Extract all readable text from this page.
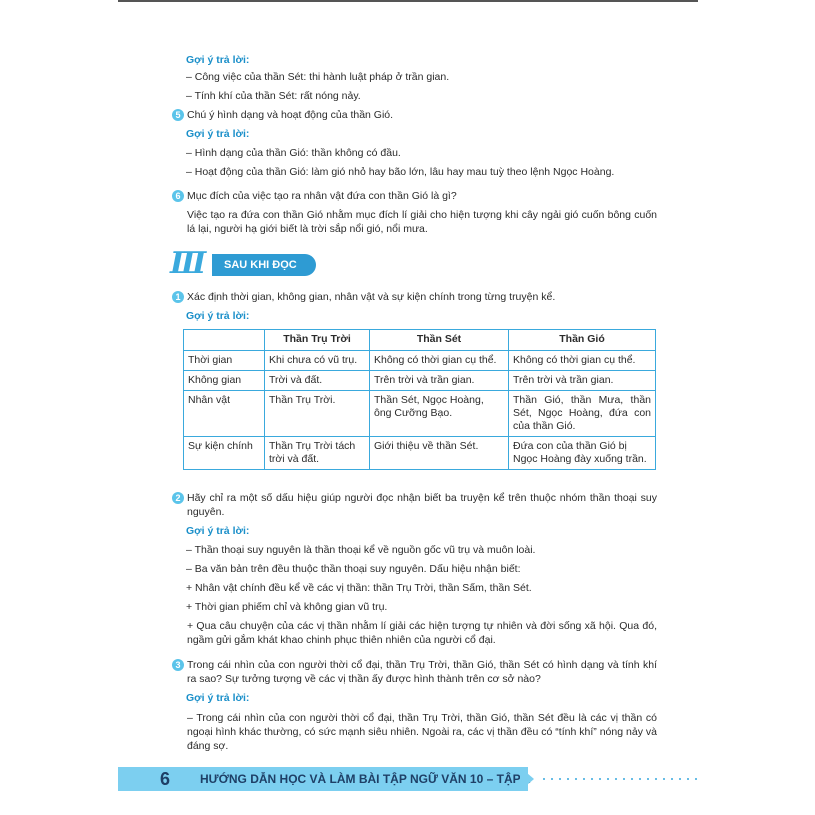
Gợi ý trả lời:
– Công việc của thần Sét: thi hành luật pháp ở trần gian.
– Tính khí của thần Sét: rất nóng nảy.
5 Chú ý hình dạng và hoạt động của thần Gió.
Gợi ý trả lời:
– Hình dạng của thần Gió: thần không có đầu.
– Hoạt động của thần Gió: làm gió nhỏ hay bão lớn, lâu hay mau tuỳ theo lệnh Ngọc Hoàng.
6 Mục đích của việc tạo ra nhân vật đứa con thần Gió là gì?
Việc tạo ra đứa con thần Gió nhằm mục đích lí giải cho hiện tượng khi cây ngải gió cuốn bông cuốn lá lại, người hạ giới biết là trời sắp nổi gió, nổi mưa.
III	SAU KHI ĐỌC
1 Xác định thời gian, không gian, nhân vật và sự kiện chính trong từng truyện kể.
Gợi ý trả lời:
	Thần Trụ Trời	Thần Sét	Thần Gió
Thời gian	Khi chưa có vũ trụ.	Không có thời gian cụ thể.	Không có thời gian cụ thể.
Không gian	Trời và đất.	Trên trời và trần gian.	Trên trời và trần gian.
Nhân vật	Thần Trụ Trời.	Thần Sét, Ngọc Hoàng, ông Cưỡng Bạo.	Thần Gió, thần Mưa, thần Sét, Ngọc Hoàng, đứa con của thần Gió.
Sự kiện chính	Thần Trụ Trời tách trời và đất.	Giới thiệu về thần Sét.	Đứa con của thần Gió bị Ngọc Hoàng đày xuống trần.
2 Hãy chỉ ra một số dấu hiệu giúp người đọc nhận biết ba truyện kể trên thuộc nhóm thần thoại suy nguyên.
Gợi ý trả lời:
– Thần thoại suy nguyên là thần thoại kể về nguồn gốc vũ trụ và muôn loài.
– Ba văn bản trên đều thuộc thần thoại suy nguyên. Dấu hiệu nhận biết:
+ Nhân vật chính đều kể về các vị thần: thần Trụ Trời, thần Sấm, thần Sét.
+ Thời gian phiếm chỉ và không gian vũ trụ.
+ Qua câu chuyện của các vị thần nhằm lí giải các hiện tượng tự nhiên và đời sống xã hội. Qua đó, ngầm gửi gắm khát khao chinh phục thiên nhiên của người cổ đại.
3 Trong cái nhìn của con người thời cổ đại, thần Trụ Trời, thần Gió, thần Sét có hình dạng và tính khí ra sao? Sự tưởng tượng về các vị thần ấy được hình thành trên cơ sở nào?
Gợi ý trả lời:
– Trong cái nhìn của con người thời cổ đại, thần Trụ Trời, thần Gió, thần Sét đều là các vị thần có ngoại hình khác thường, có sức mạnh siêu nhiên. Ngoài ra, các vị thần đều có “tính khí” nóng nảy và đáng sợ.
6	HƯỚNG DẪN HỌC VÀ LÀM BÀI TẬP NGỮ VĂN 10 – TẬP 1
